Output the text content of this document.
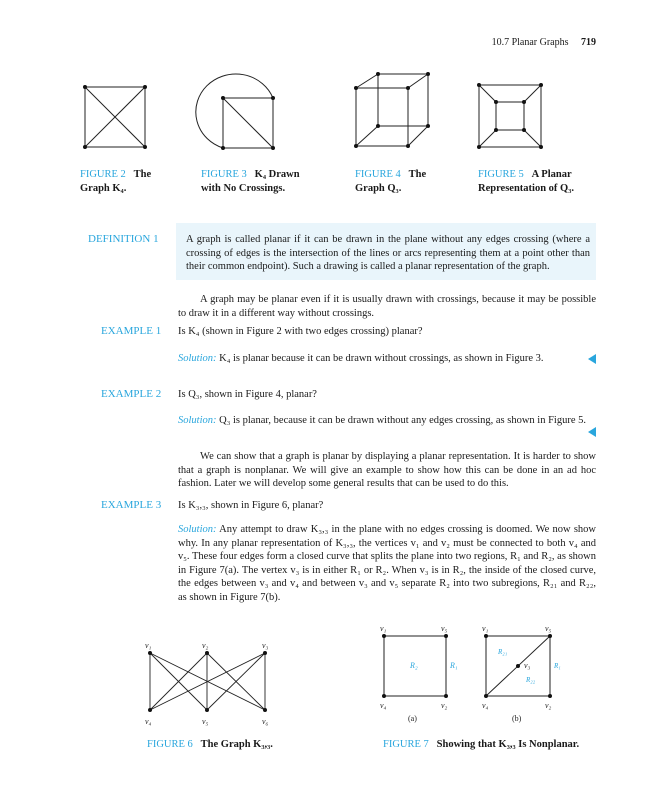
10.7 Planar Graphs 719
FIGURE 2 The Graph K₄.
FIGURE 3 K₄ Drawn with No Crossings.
FIGURE 4 The Graph Q₃.
FIGURE 5 A Planar Representation of Q₃.
DEFINITION 1	A graph is called planar if it can be drawn in the plane without any edges crossing (where a crossing of edges is the intersection of the lines or arcs representing them at a point other than their common endpoint). Such a drawing is called a planar representation of the graph.
A graph may be planar even if it is usually drawn with crossings, because it may be possible to draw it in a different way without crossings.
EXAMPLE 1 Is K₄ (shown in Figure 2 with two edges crossing) planar?
Solution: K₄ is planar because it can be drawn without crossings, as shown in Figure 3.
EXAMPLE 2 Is Q₃, shown in Figure 4, planar?
Solution: Q₃ is planar, because it can be drawn without any edges crossing, as shown in Figure 5.
We can show that a graph is planar by displaying a planar representation. It is harder to show that a graph is nonplanar. We will give an example to show how this can be done in an ad hoc fashion. Later we will develop some general results that can be used to do this.
EXAMPLE 3 Is K₃,₃, shown in Figure 6, planar?
Solution: Any attempt to draw K₃,₃ in the plane with no edges crossing is doomed. We now show why. In any planar representation of K₃,₃, the vertices v₁ and v₂ must be connected to both v₄ and v₅. These four edges form a closed curve that splits the plane into two regions, R₁ and R₂, as shown in Figure 7(a). The vertex v₃ is in either R₁ or R₂. When v₃ is in R₂, the inside of the closed curve, the edges between v₃ and v₄ and between v₃ and v₅ separate R₂ into two subregions, R₂₁ and R₂₂, as shown in Figure 7(b).
v₁	v₂	v₃
v₄	v₅	v₆
FIGURE 6 The Graph K₃,₃.
v₁	v₅
v₄	v₂
R₂	R₁
(a)
v₁	v₅
v₄	v₂
v₃
R₂₁
R₂₂
R₁
(b)
FIGURE 7 Showing that K₃,₃ Is Nonplanar.
